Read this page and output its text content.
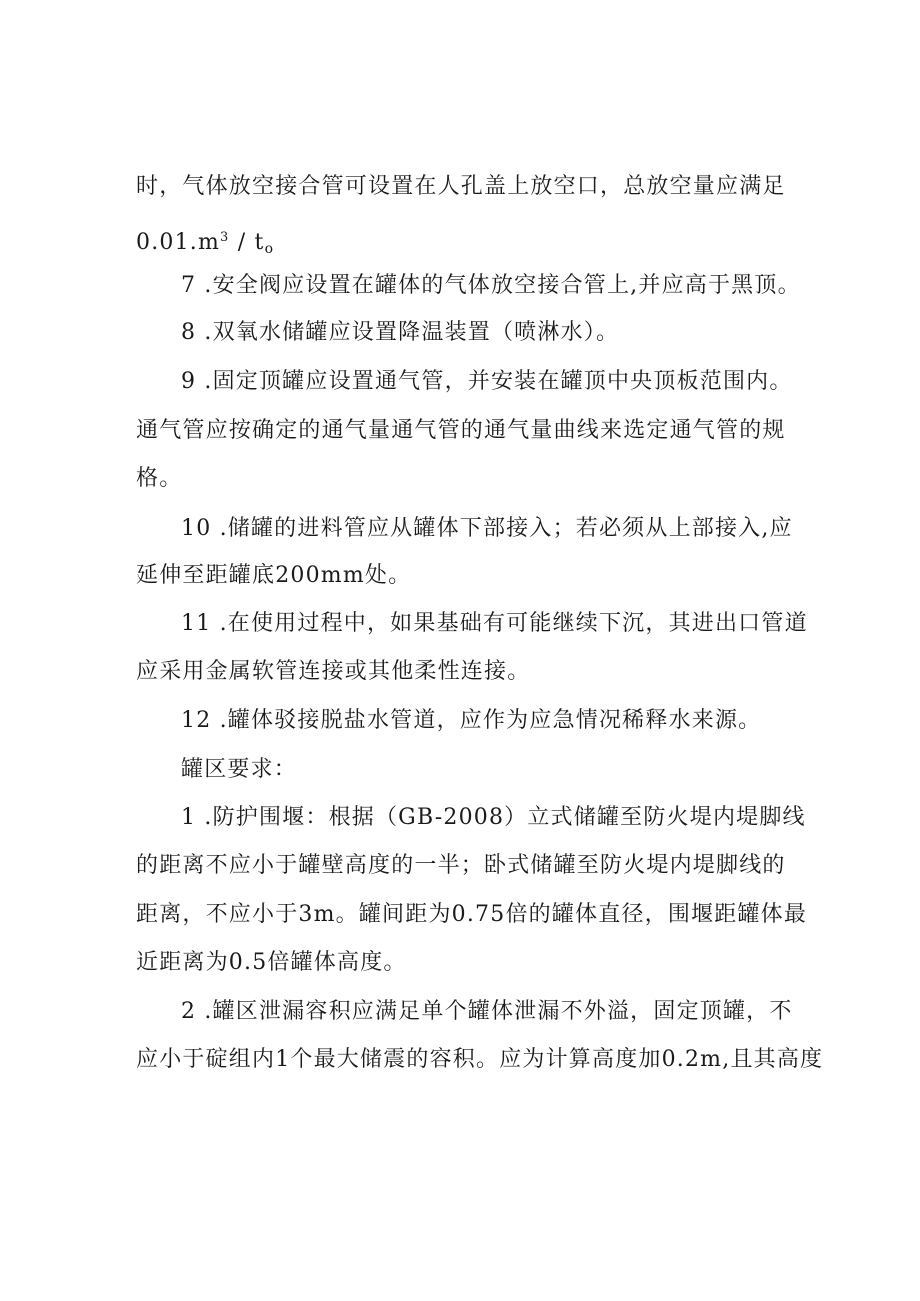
时，气体放空接合管可设置在人孔盖上放空口，总放空量应满足
$0.01.m^3$ / to
7 .安全阀应设置在罐体的气体放空接合管上,并应高于黑顶。
8 .双氧水储罐应设置降温装置（喷淋水）。
9 .固定顶罐应设置通气管，并安装在罐顶中央顶板范围内。
通气管应按确定的通气量通气管的通气量曲线来选定通气管的规
格。
10 .储罐的进料管应从罐体下部接入；若必须从上部接入,应
延伸至距罐底200mm处。
11 .在使用过程中，如果基础有可能继续下沉，其进出口管道
应采用金属软管连接或其他柔性连接。
12 .罐体驳接脱盐水管道，应作为应急情况稀释水来源。
罐区要求：
1 .防护围堰：根据（GB-2008）立式储罐至防火堤内堤脚线
的距离不应小于罐壁高度的一半；卧式储罐至防火堤内堤脚线的
距离，不应小于3m。罐间距为0.75倍的罐体直径，围堰距罐体最
近距离为0.5倍罐体高度。
2 .罐区泄漏容积应满足单个罐体泄漏不外溢，固定顶罐，不
应小于碇组内1个最大储震的容积。应为计算高度加0.2m,且其高度
